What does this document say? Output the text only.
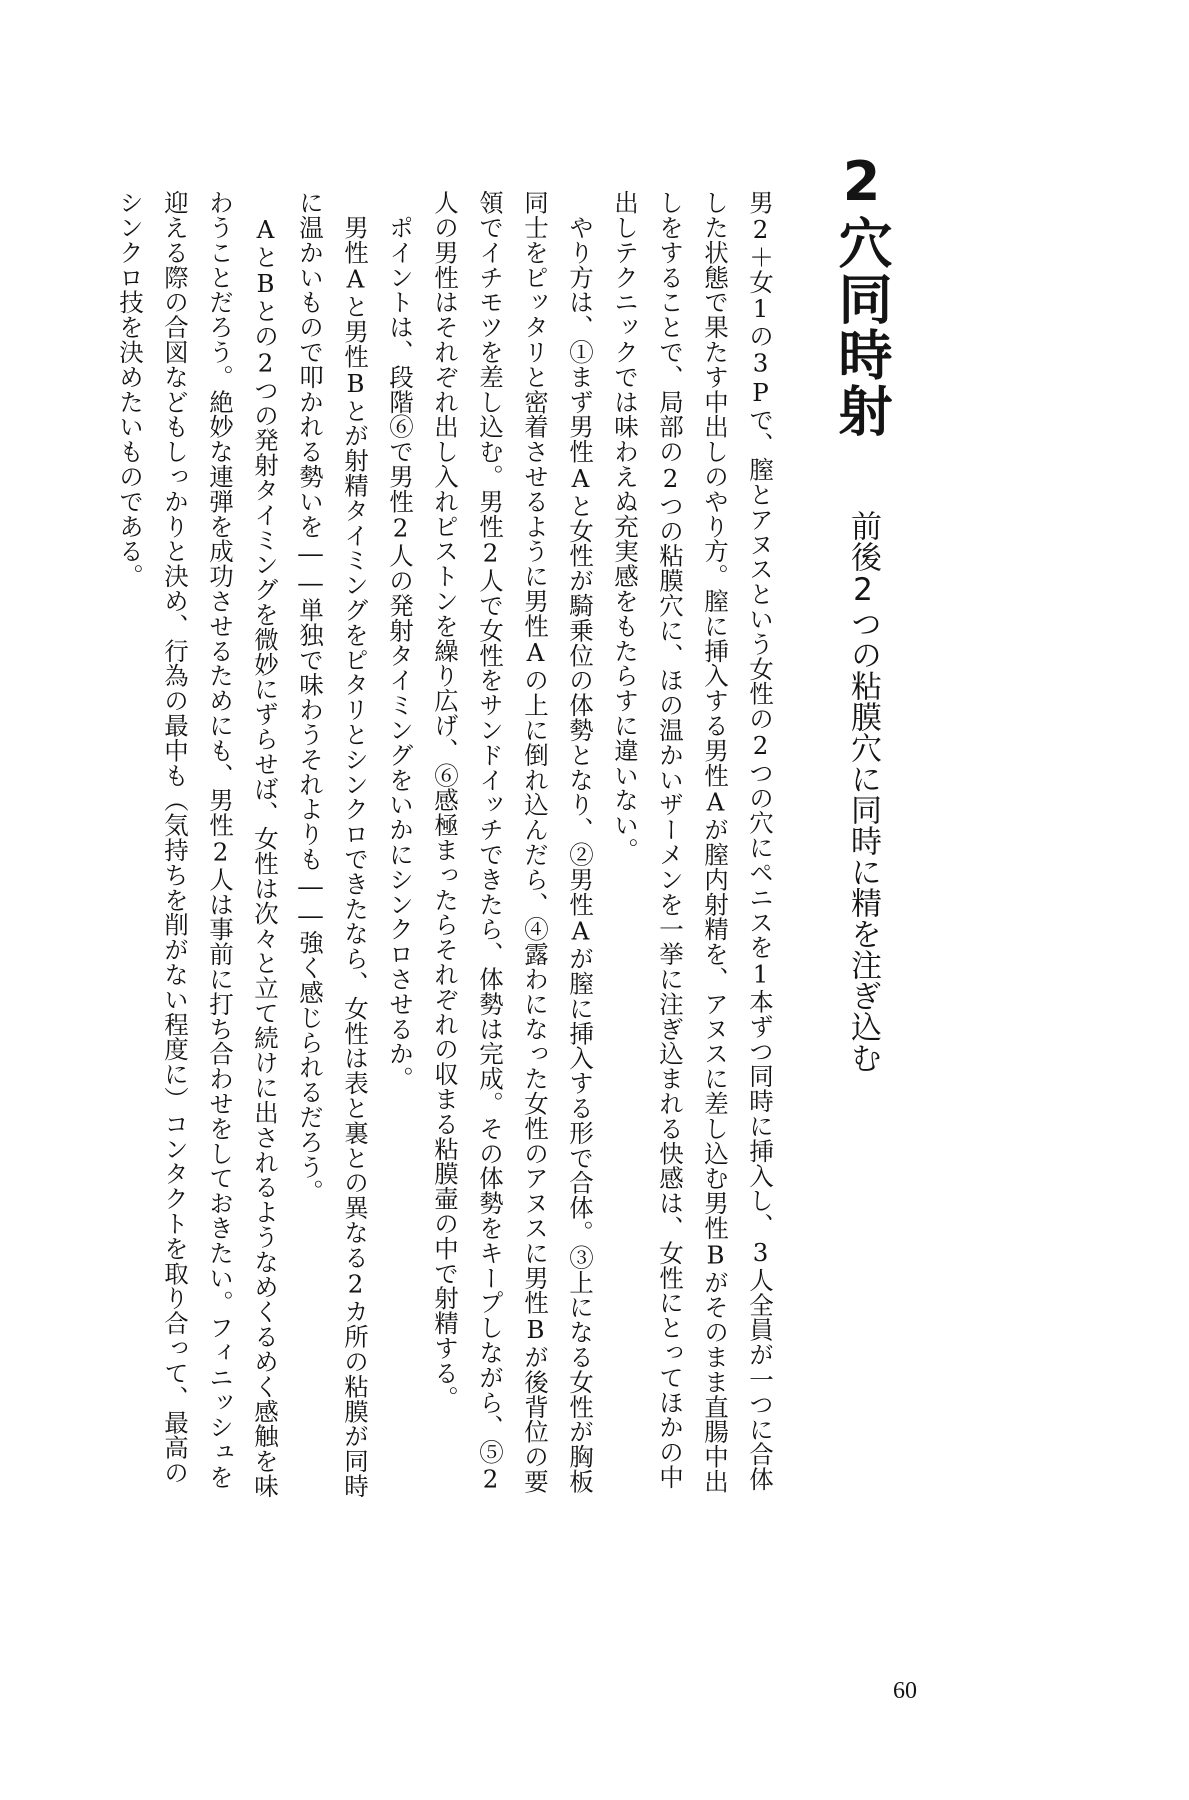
2穴同時射
前後2つの粘膜穴に同時に精を注ぎ込む
男2＋女1の3Pで、膣とアヌスという女性の2つの穴にペニスを1本ずつ同時に挿入し、3人全員が一つに合体
した状態で果たす中出しのやり方。膣に挿入する男性Aが膣内射精を、アヌスに差し込む男性Bがそのまま直腸中出
しをすることで、局部の2つの粘膜穴に、ほの温かいザーメンを一挙に注ぎ込まれる快感は、女性にとってほかの中
出しテクニックでは味わえぬ充実感をもたらすに違いない。
　やり方は、①まず男性Aと女性が騎乗位の体勢となり、②男性Aが膣に挿入する形で合体。③上になる女性が胸板
同士をピッタリと密着させるように男性Aの上に倒れ込んだら、④露わになった女性のアヌスに男性Bが後背位の要
領でイチモツを差し込む。男性2人で女性をサンドイッチできたら、体勢は完成。その体勢をキープしながら、⑤2
人の男性はそれぞれ出し入れピストンを繰り広げ、⑥感極まったらそれぞれの収まる粘膜壷の中で射精する。
　ポイントは、段階⑥で男性2人の発射タイミングをいかにシンクロさせるか。
　男性Aと男性Bとが射精タイミングをピタリとシンクロできたなら、女性は表と裏との異なる2カ所の粘膜が同時
に温かいもので叩かれる勢いを――単独で味わうそれよりも――強く感じられるだろう。
　AとBとの2つの発射タイミングを微妙にずらせば、女性は次々と立て続けに出されるようなめくるめく感触を味
わうことだろう。絶妙な連弾を成功させるためにも、男性2人は事前に打ち合わせをしておきたい。フィニッシュを
迎える際の合図などもしっかりと決め、行為の最中も（気持ちを削がない程度に）コンタクトを取り合って、最高の
シンクロ技を決めたいものである。
60
